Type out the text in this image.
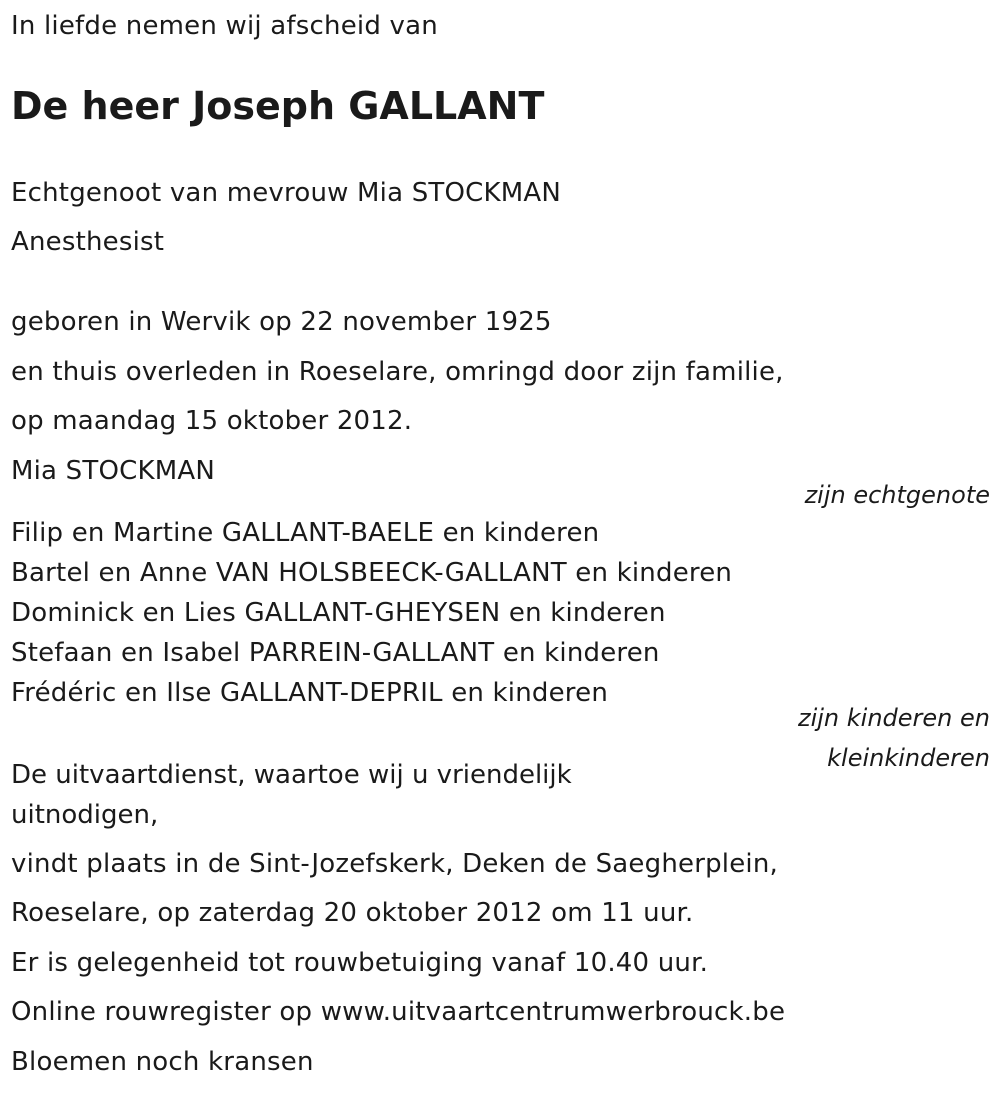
In liefde nemen wij afscheid van
De heer Joseph GALLANT
Echtgenoot van mevrouw Mia STOCKMAN
Anesthesist
geboren in Wervik op 22 november 1925
en thuis overleden in Roeselare, omringd door zijn familie,
op maandag 15 oktober 2012.
Mia STOCKMAN
zijn echtgenote
Filip en Martine GALLANT-BAELE en kinderen
Bartel en Anne VAN HOLSBEECK-GALLANT en kinderen
Dominick en Lies GALLANT-GHEYSEN en kinderen
Stefaan en Isabel PARREIN-GALLANT en kinderen
Frédéric en Ilse GALLANT-DEPRIL en kinderen
zijn kinderen en
kleinkinderen
De uitvaartdienst, waartoe wij u vriendelijk uitnodigen,
vindt plaats in de Sint-Jozefskerk, Deken de Saegherplein,
Roeselare, op zaterdag 20 oktober 2012 om 11 uur.
Er is gelegenheid tot rouwbetuiging vanaf 10.40 uur.
Online rouwregister op www.uitvaartcentrumwerbrouck.be
Bloemen noch kransen
